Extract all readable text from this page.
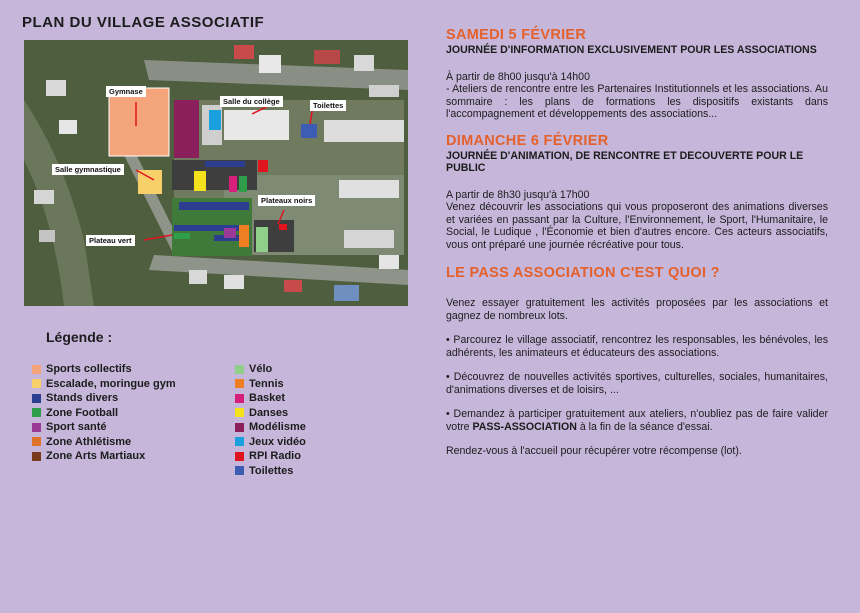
PLAN DU VILLAGE ASSOCIATIF
Gymnase
Salle du collège	Toilettes
Salle gymnastique
Plateaux noirs
Plateau vert
Légende :
Sports collectifs
Escalade, moringue gym
Stands divers
Zone Football
Sport santé
Zone Athlétisme
Zone Arts Martiaux
Vélo
Tennis
Basket
Danses
Modélisme
Jeux vidéo
RPI Radio
Toilettes
SAMEDI 5 FÉVRIER

JOURNÉE D'INFORMATION EXCLUSIVEMENT POUR LES ASSOCIATIONS

À partir de 8h00 jusqu'à 14h00

- Ateliers de rencontre entre les Partenaires Institutionnels et les associations. Au sommaire : les plans de formations les dispositifs existants dans l'accompagnement et développements des associations...

DIMANCHE 6 FÉVRIER

JOURNÉE D'ANIMATION, DE RENCONTRE ET DECOUVERTE POUR LE PUBLIC

A partir de 8h30 jusqu'à 17h00

Venez découvrir les associations qui vous proposeront des animations diverses et variées en passant par la Culture, l'Environnement, le Sport, l'Humanitaire, le Social, le Ludique , l'Économie et bien d'autres encore. Ces acteurs associatifs, vous ont préparé une journée récréative pour tous.

LE PASS ASSOCIATION C'EST QUOI ?

Venez essayer gratuitement les activités proposées par les associations et gagnez de nombreux lots.

• Parcourez le village associatif, rencontrez les responsables, les bénévoles, les adhérents, les animateurs et éducateurs des associations.

• Découvrez de nouvelles activités sportives, culturelles, sociales, humanitaires, d'animations diverses et de loisirs, ...

• Demandez à participer gratuitement aux ateliers, n'oubliez pas de faire valider votre PASS-ASSOCIATION à la fin de la séance d'essai.

Rendez-vous à l'accueil pour récupérer votre récompense (lot).
